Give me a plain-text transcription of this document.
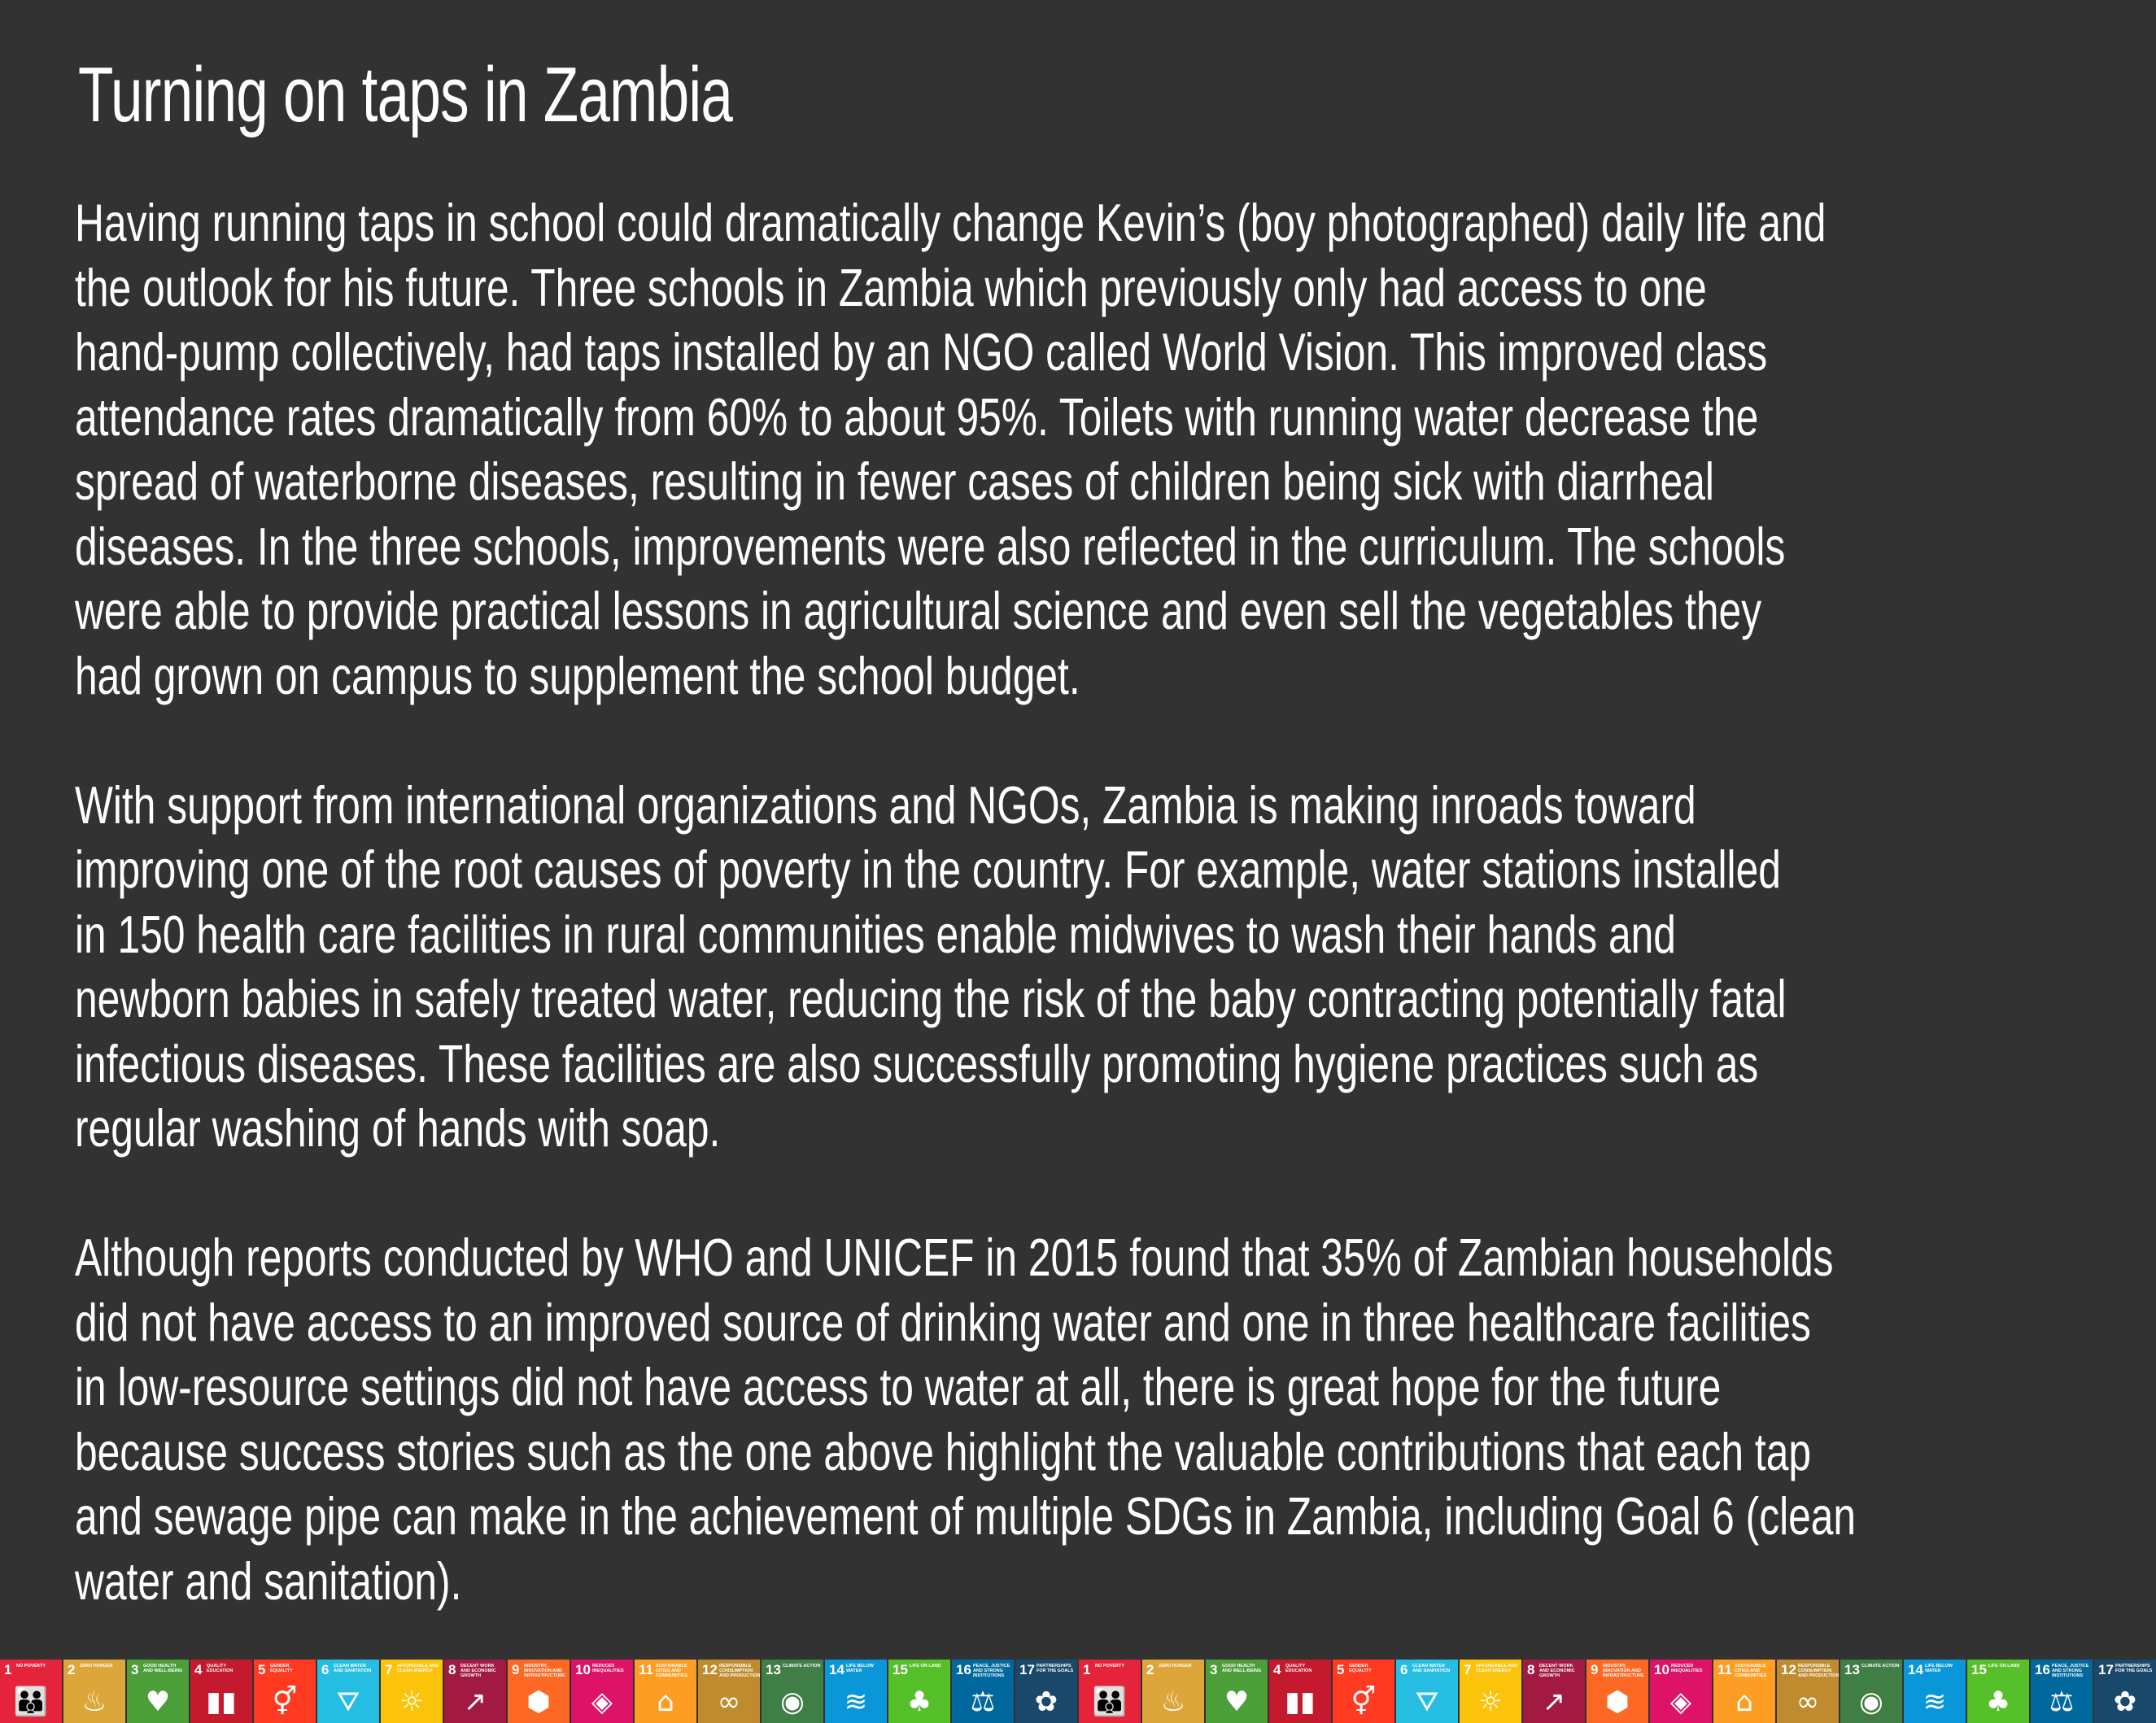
Turning on taps in Zambia
Having running taps in school could dramatically change Kevin’s (boy photographed) daily life and
the outlook for his future. Three schools in Zambia which previously only had access to one
hand-pump collectively, had taps installed by an NGO called World Vision. This improved class
attendance rates dramatically from 60% to about 95%. Toilets with running water decrease the
spread of waterborne diseases, resulting in fewer cases of children being sick with diarrheal
diseases. In the three schools, improvements were also reflected in the curriculum. The schools
were able to provide practical lessons in agricultural science and even sell the vegetables they
had grown on campus to supplement the school budget.
With support from international organizations and NGOs, Zambia is making inroads toward
improving one of the root causes of poverty in the country. For example, water stations installed
in 150 health care facilities in rural communities enable midwives to wash their hands and
newborn babies in safely treated water, reducing the risk of the baby contracting potentially fatal
infectious diseases. These facilities are also successfully promoting hygiene practices such as
regular washing of hands with soap.
Although reports conducted by WHO and UNICEF in 2015 found that 35% of Zambian households
did not have access to an improved source of drinking water and one in three healthcare facilities
in low-resource settings did not have access to water at all, there is great hope for the future
because success stories such as the one above highlight the valuable contributions that each tap
and sewage pipe can make in the achievement of multiple SDGs in Zambia, including Goal 6 (clean
water and sanitation).
1 NO POVERTY
👪
2 ZERO HUNGER
♨
3 GOOD HEALTH AND WELL-BEING
♥
4 QUALITY EDUCATION
▮▮
5 GENDER EQUALITY
⚥
6 CLEAN WATER AND SANITATION
⛛
7 AFFORDABLE AND CLEAN ENERGY
☼
8 DECENT WORK AND ECONOMIC GROWTH
↗
9 INDUSTRY, INNOVATION AND INFRASTRUCTURE
⬢
10 REDUCED INEQUALITIES
◈
11 SUSTAINABLE CITIES AND COMMUNITIES
⌂
12 RESPONSIBLE CONSUMPTION AND PRODUCTION
∞
13 CLIMATE ACTION
◉
14 LIFE BELOW WATER
≋
15 LIFE ON LAND
♣
16 PEACE, JUSTICE AND STRONG INSTITUTIONS
⚖
17 PARTNERSHIPS FOR THE GOALS
✿
1 NO POVERTY
👪
2 ZERO HUNGER
♨
3 GOOD HEALTH AND WELL-BEING
♥
4 QUALITY EDUCATION
▮▮
5 GENDER EQUALITY
⚥
6 CLEAN WATER AND SANITATION
⛛
7 AFFORDABLE AND CLEAN ENERGY
☼
8 DECENT WORK AND ECONOMIC GROWTH
↗
9 INDUSTRY, INNOVATION AND INFRASTRUCTURE
⬢
10 REDUCED INEQUALITIES
◈
11 SUSTAINABLE CITIES AND COMMUNITIES
⌂
12 RESPONSIBLE CONSUMPTION AND PRODUCTION
∞
13 CLIMATE ACTION
◉
14 LIFE BELOW WATER
≋
15 LIFE ON LAND
♣
16 PEACE, JUSTICE AND STRONG INSTITUTIONS
⚖
17 PARTNERSHIPS FOR THE GOALS
✿
